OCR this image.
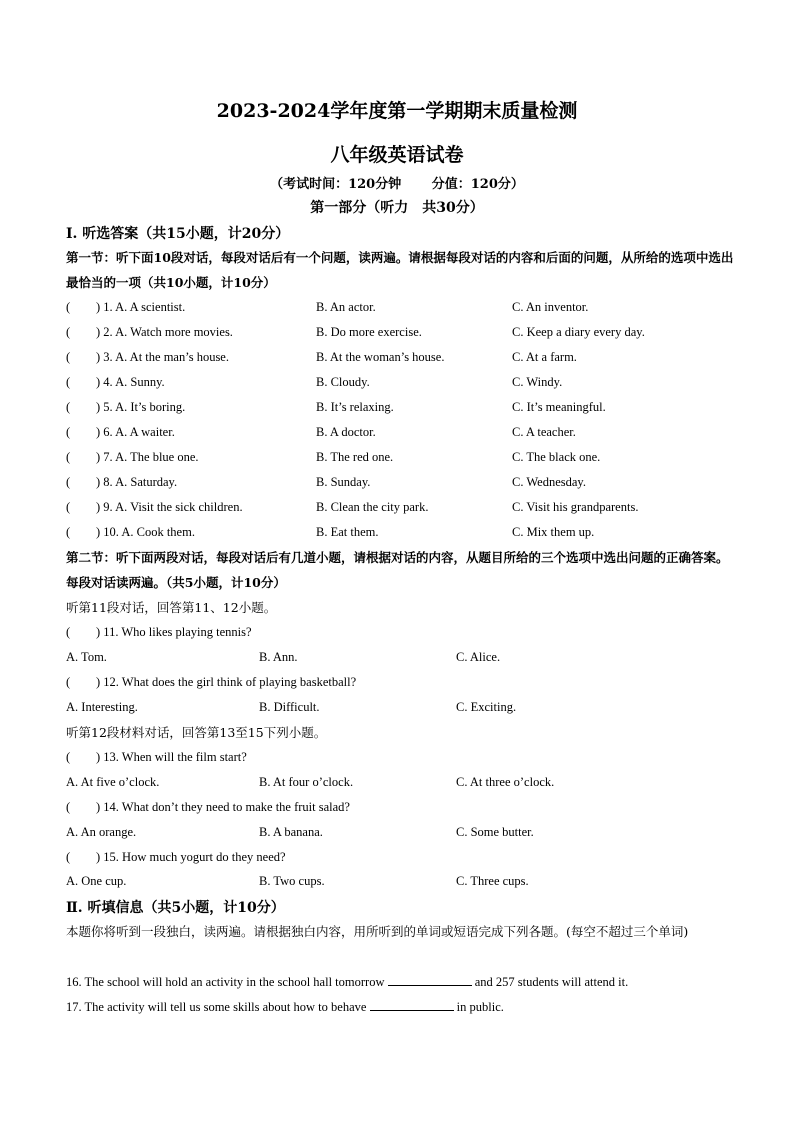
2023-2024学年度第一学期期末质量检测
八年级英语试卷
（考试时间：120分钟　　 分值：120分）
第一部分（听力　共30分）
Ⅰ. 听选答案（共15小题，计20分）
第一节：听下面10段对话，每段对话后有一个问题，读两遍。请根据每段对话的内容和后面的问题，从所给的选项中选出最恰当的一项（共10小题，计10分）
( ) 1. A. A scientist.	B. An actor.	C. An inventor.
( ) 2. A. Watch more movies.	B. Do more exercise.	C. Keep a diary every day.
( ) 3. A. At the man’s house.	B. At the woman’s house.	C. At a farm.
( ) 4. A. Sunny.	B. Cloudy.	C. Windy.
( ) 5. A. It’s boring.	B. It’s relaxing.	C. It’s meaningful.
( ) 6. A. A waiter.	B. A doctor.	C. A teacher.
( ) 7. A. The blue one.	B. The red one.	C. The black one.
( ) 8. A. Saturday.	B. Sunday.	C. Wednesday.
( ) 9. A. Visit the sick children.	B. Clean the city park.	C. Visit his grandparents.
( ) 10. A. Cook them.	B. Eat them.	C. Mix them up.
第二节：听下面两段对话，每段对话后有几道小题，请根据对话的内容，从题目所给的三个选项中选出问题的正确答案。每段对话读两遍。（共5小题，计10分）
听第11段对话，回答第11、12小题。
( ) 11. Who likes playing tennis?
A. Tom.	B. Ann.	C. Alice.
( ) 12. What does the girl think of playing basketball?
A. Interesting.	B. Difficult.	C. Exciting.
听第12段材料对话，回答第13至15下列小题。
( ) 13. When will the film start?
A. At five o’clock.	B. At four o’clock.	C. At three o’clock.
( ) 14. What don’t they need to make the fruit salad?
A. An orange.	B. A banana.	C. Some butter.
( ) 15. How much yogurt do they need?
A. One cup.	B. Two cups.	C. Three cups.
Ⅱ. 听填信息（共5小题，计10分）
本题你将听到一段独白，读两遍。请根据独白内容，用所听到的单词或短语完成下列各题。(每空不超过三个单词)
16. The school will hold an activity in the school hall tomorrow	and 257 students will attend it.
17. The activity will tell us some skills about how to behave	in public.
